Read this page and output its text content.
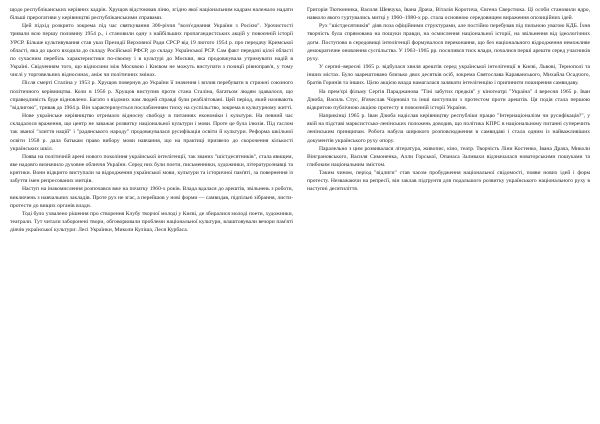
щодо республіканських керівних кадрів. Хрущов відстоював ліню, згідно якої національним кадрам належало надати більші прерогативи у керівництві республіканськими справами.

Цей підхід розкрито зокрема під час святкування 300-річчя "возз'єднання України з Росією". Урочистості тривали всю першу половину 1954 р., і становили одну з найбільших пропагандистських акцій у повоєнній історії УРСР. Більше культивування став указ Президії Верховної Ради СРСР від 19 лютого 1954 р. про передачу Кримської області, яка до цього входила до складу Російської РФСР, до складу Української РСР. Сам факт передачі цілої області по сучасним перебіль характеристики по-своєму і в культурі до Москви, яка продовжувала утримувати надій в Україні. Свідченням того, що відносини між Москвою і Києвом не можуть виступати з позиції рівноправ'я, у тому числі у торговельних відносинах, аніж чи політичних змінах.

Після смерті Сталіна у 1953 р. Хрущов повернув до України її значення і вплив перебувати в стрижні союзного політичного керівництва. Коли в 1956 р. Хрущов виступив проти стана Сталіна, багатьом людям здавалося, що справедливість буде відновлено. Багато з відомих нам людей справді були реабілітовані. Цей період, який називають "відлигою", тривав до 1964 р. Він характеризується послабленням тиску на суспільство, зокрема в культурному житті.

Нове українське керівництво отримало відносну свободу в питаннях економіки і культури. На певний час складалося враження, що центр не заважає розвитку національної культури і мови. Проте це була ілюзія. Під гаслом так званої "злиття націй" і "радянського народу" продовжувалася русифікація освіти й культури. Реформа шкільної освіти 1958 р. дала батькам право вибору мови навчання, що на практиці призвело до скорочення кількості українських шкіл.

Поява на політичній арені нового покоління української інтелігенції, так званих "шістдесятників", стала явищем, яке надовго визначило духовне обличчя України. Серед них були поети, письменники, художники, літературознавці та критики. Вони відкрито виступали за відродження української мови, культури та історичної пам'яті, за повернення із забуття імен репресованих митців.

Наступ на інакомислення розпочався вже на початку 1960-х років. Влада вдалася до арештів, звільнень з роботи, виключень з навчальних закладів. Проте рух не згас, а перейшов у нові форми — самвидав, підпільні зібрання, листи-протести до вищих органів влади.

Тоді було ухвалено рішення про створення Клубу творчої молоді у Києві, де збиралися молоді поети, художники, театрали. Тут читали заборонені твори, обговорювали проблеми національної культури, влаштовували вечори пам'яті діячів української культури: Лесі Українки, Миколи Куліша, Леся Курбаса.

Григорія Тютюнника, Василя Шевчука, Івана Драча, Віталія Коротича, Євгена Сверстюка. Ці особи становили ядро, навколо якого гуртувались митці у 1960–1980-х рр. стала основною середовищем вираження опозиційних ідей.

Рух "шістдесятників" діяв поза офіційними структурами, але постійно перебував під пильною увагою КДБ. Їхня творчість була спрямована на пошуки правди, на осмислення національної історії, на звільнення від ідеологічних догм. Поступово в середовищі інтелігенції формувалося переконання, що без національного відродження неможливе демократичне оновлення суспільства. У 1963–1965 рр. посилився тиск влади, почалися перші арешти серед учасників руху.

У серпні–вересні 1965 р. відбулася хвиля арештів серед української інтелігенції в Києві, Львові, Тернополі та інших містах. Було заарештовано близько двох десятків осіб, зокрема Святослава Караванського, Михайла Осадчого, братів Горинів та інших. Цією акцією влада намагалася залякати інтелігенцію і припинити поширення самвидаву.

На прем'єрі фільму Сергія Параджанова "Тіні забутих предків" у кінотеатрі "Україна" 4 вересня 1965 р. Іван Дзюба, Василь Стус, В'ячеслав Чорновіл та інші виступили з протестом проти арештів. Ця подія стала першою відкритою публічною акцією протесту в повоєнній історії України.

Наприкінці 1965 р. Іван Дзюба надіслав керівництву республіки працю "Інтернаціоналізм чи русифікація?", у якій на підставі марксистсько-ленінських положень доводив, що політика КПРС в національному питанні суперечить ленінським принципам. Робота набула широкого розповсюдження в самвидаві і стала одним із найважливіших документів українського руху опору.

Паралельно з цим розвивалася література, живопис, кіно, театр. Творчість Ліни Костенко, Івана Драча, Миколи Вінграновського, Василя Симоненка, Алли Горської, Опанаса Заливахи відзначалася новаторськими пошуками та глибоким національним змістом.

Таким чином, період "відлиги" став часом пробудження національної свідомості, появи нових ідей і форм протесту. Незважаючи на репресії, він заклав підґрунтя для подальшого розвитку українського національного руху в наступні десятиліття.
